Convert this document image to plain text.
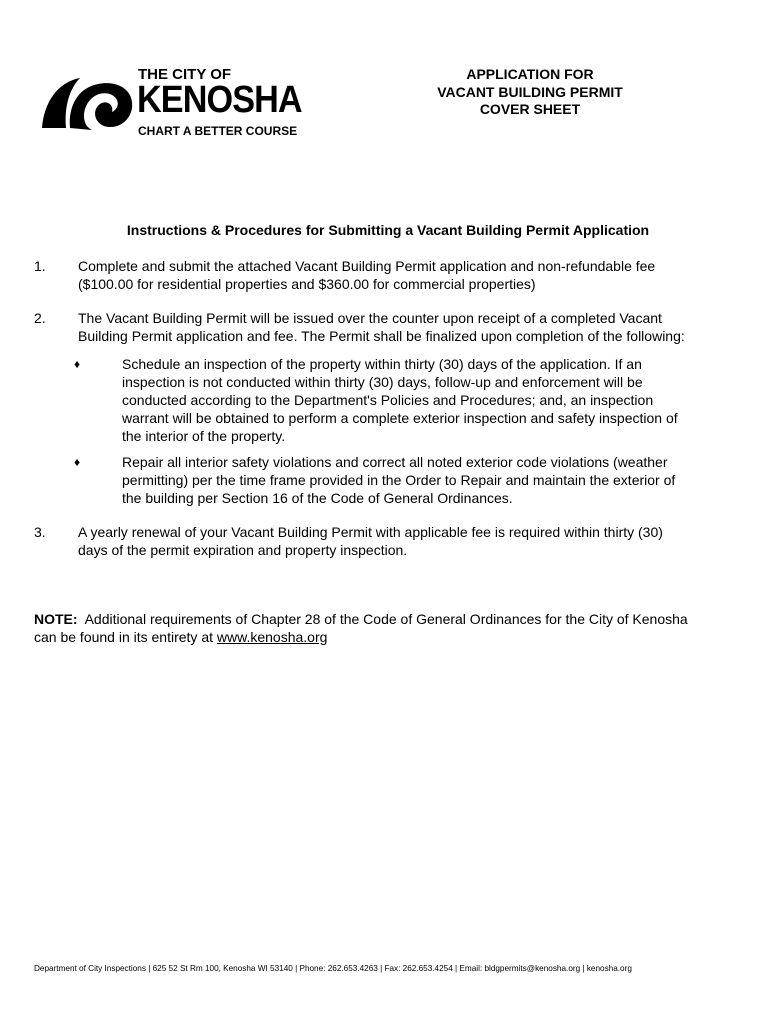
THE CITY OF
KENOSHA
CHART A BETTER COURSE
APPLICATION FOR
VACANT BUILDING PERMIT
COVER SHEET
Instructions & Procedures for Submitting a Vacant Building Permit Application
1. Complete and submit the attached Vacant Building Permit application and non-refundable fee
($100.00 for residential properties and $360.00 for commercial properties)
2. The Vacant Building Permit will be issued over the counter upon receipt of a completed Vacant
Building Permit application and fee. The Permit shall be finalized upon completion of the following:
♦	Schedule an inspection of the property within thirty (30) days of the application. If an
inspection is not conducted within thirty (30) days, follow-up and enforcement will be
conducted according to the Department's Policies and Procedures; and, an inspection
warrant will be obtained to perform a complete exterior inspection and safety inspection of
the interior of the property.
♦	Repair all interior safety violations and correct all noted exterior code violations (weather
permitting) per the time frame provided in the Order to Repair and maintain the exterior of
the building per Section 16 of the Code of General Ordinances.
3. A yearly renewal of your Vacant Building Permit with applicable fee is required within thirty (30)
days of the permit expiration and property inspection.
NOTE:  Additional requirements of Chapter 28 of the Code of General Ordinances for the City of Kenosha
can be found in its entirety at www.kenosha.org
Department of City Inspections | 625 52 St Rm 100, Kenosha WI 53140 | Phone: 262.653.4263 | Fax: 262.653.4254 | Email: bldgpermits@kenosha.org | kenosha.org
